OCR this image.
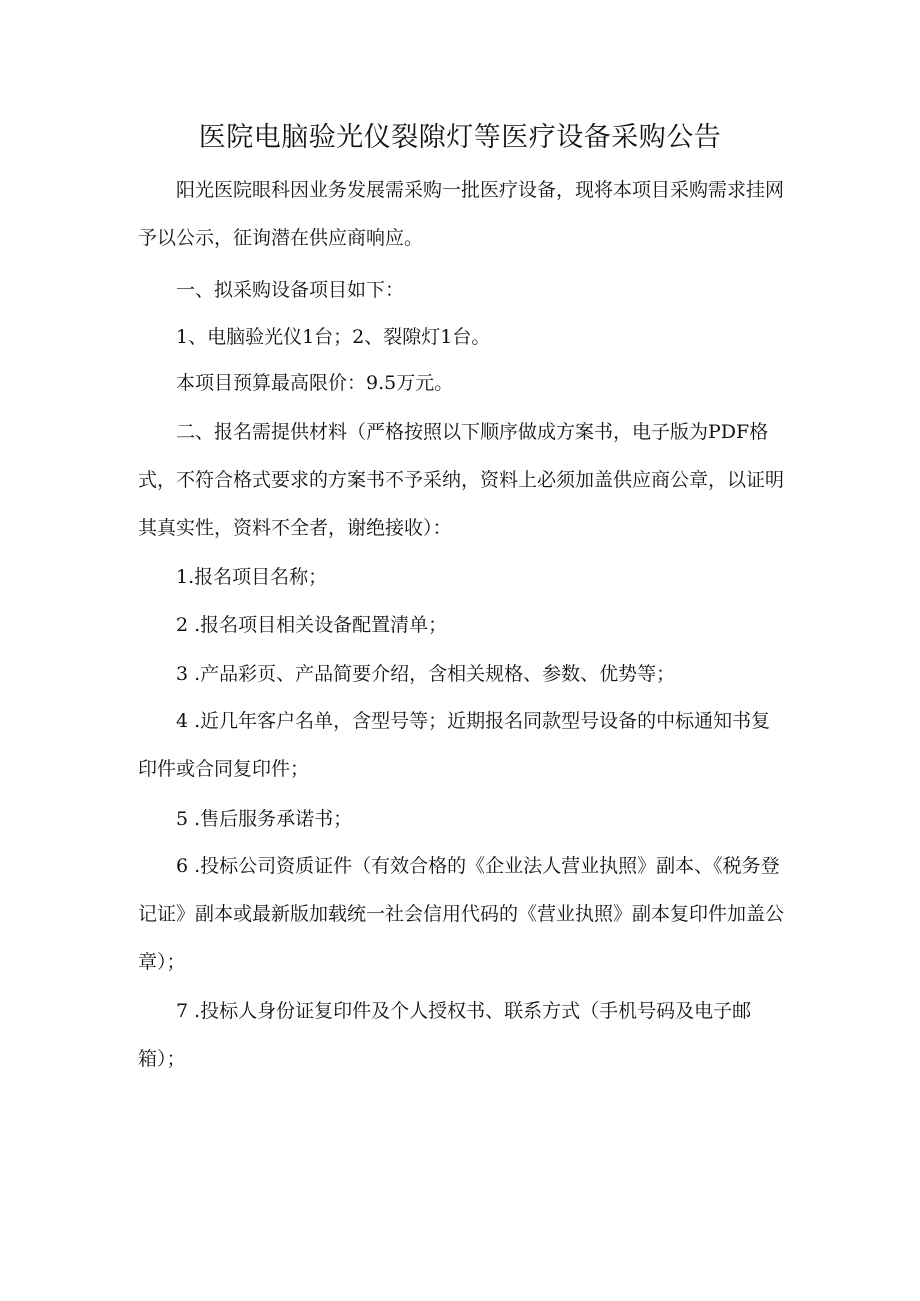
医院电脑验光仪裂隙灯等医疗设备采购公告

阳光医院眼科因业务发展需采购一批医疗设备，现将本项目采购需求挂网予以公示，征询潜在供应商响应。

一、拟采购设备项目如下：

1、电脑验光仪1台；2、裂隙灯1台。

本项目预算最高限价：9.5万元。

二、报名需提供材料（严格按照以下顺序做成方案书，电子版为PDF格式，不符合格式要求的方案书不予采纳，资料上必须加盖供应商公章，以证明其真实性，资料不全者，谢绝接收）：

1.报名项目名称；

2 .报名项目相关设备配置清单；

3 .产品彩页、产品简要介绍，含相关规格、参数、优势等；

4 .近几年客户名单，含型号等；近期报名同款型号设备的中标通知书复印件或合同复印件；

5 .售后服务承诺书；

6 .投标公司资质证件（有效合格的《企业法人营业执照》副本、《税务登记证》副本或最新版加载统一社会信用代码的《营业执照》副本复印件加盖公章）；

7 .投标人身份证复印件及个人授权书、联系方式（手机号码及电子邮箱）；
